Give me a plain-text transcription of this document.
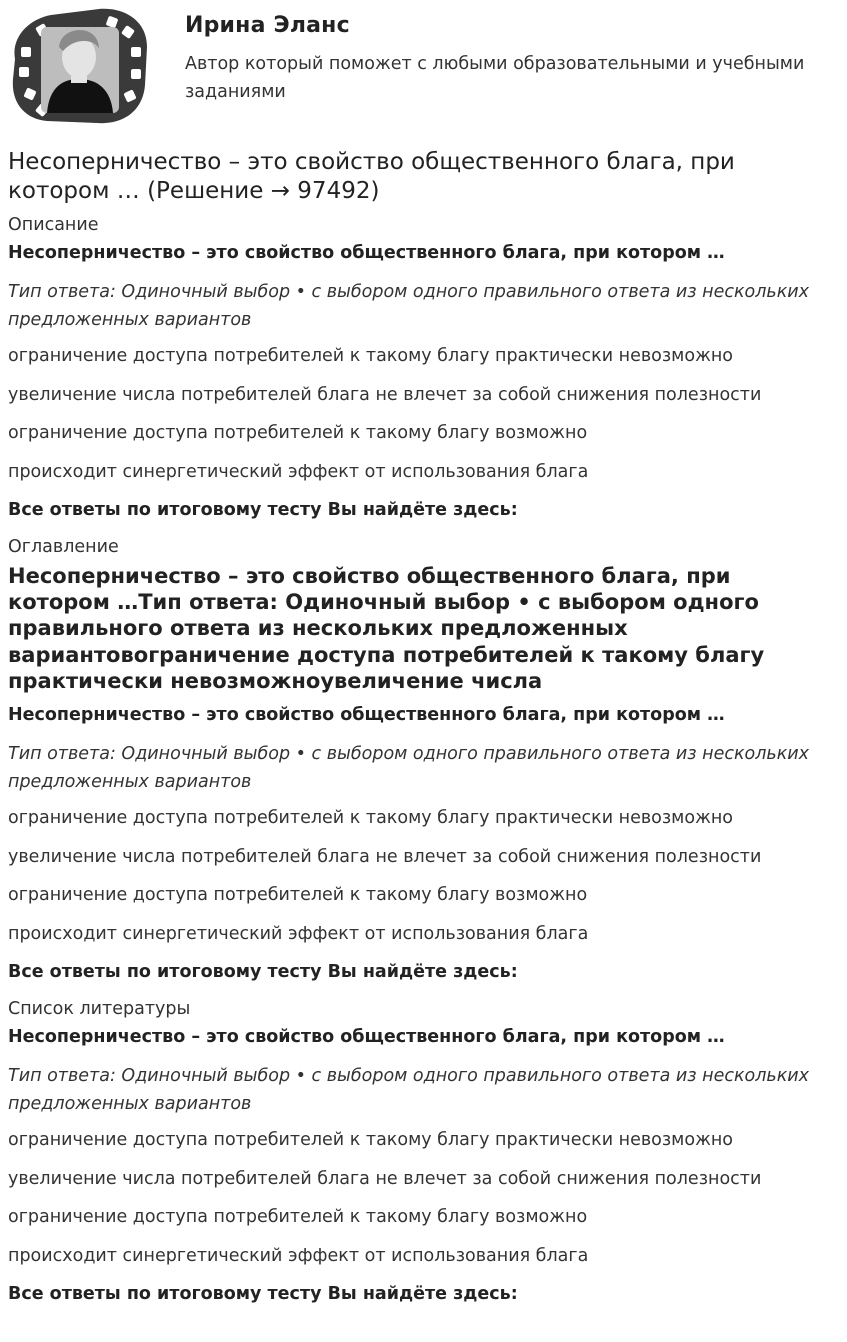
Ирина Эланс
Автор который поможет с любыми образовательными и учебными заданиями
Несоперничество – это свойство общественного блага, при котором … (Решение → 97492)
Описание
Несоперничество – это свойство общественного блага, при котором …
Тип ответа: Одиночный выбор • с выбором одного правильного ответа из нескольких предложенных вариантов
ограничение доступа потребителей к такому благу практически невозможно
увеличение числа потребителей блага не влечет за собой снижения полезности
ограничение доступа потребителей к такому благу возможно
происходит синергетический эффект от использования блага
Все ответы по итоговому тесту Вы найдёте здесь:
Оглавление
Несоперничество – это свойство общественного блага, при котором …Тип ответа: Одиночный выбор • с выбором одного правильного ответа из нескольких предложенных вариантовограничение доступа потребителей к такому благу практически невозможноувеличение числа
Несоперничество – это свойство общественного блага, при котором …
Тип ответа: Одиночный выбор • с выбором одного правильного ответа из нескольких предложенных вариантов
ограничение доступа потребителей к такому благу практически невозможно
увеличение числа потребителей блага не влечет за собой снижения полезности
ограничение доступа потребителей к такому благу возможно
происходит синергетический эффект от использования блага
Все ответы по итоговому тесту Вы найдёте здесь:
Список литературы
Несоперничество – это свойство общественного блага, при котором …
Тип ответа: Одиночный выбор • с выбором одного правильного ответа из нескольких предложенных вариантов
ограничение доступа потребителей к такому благу практически невозможно
увеличение числа потребителей блага не влечет за собой снижения полезности
ограничение доступа потребителей к такому благу возможно
происходит синергетический эффект от использования блага
Все ответы по итоговому тесту Вы найдёте здесь:
